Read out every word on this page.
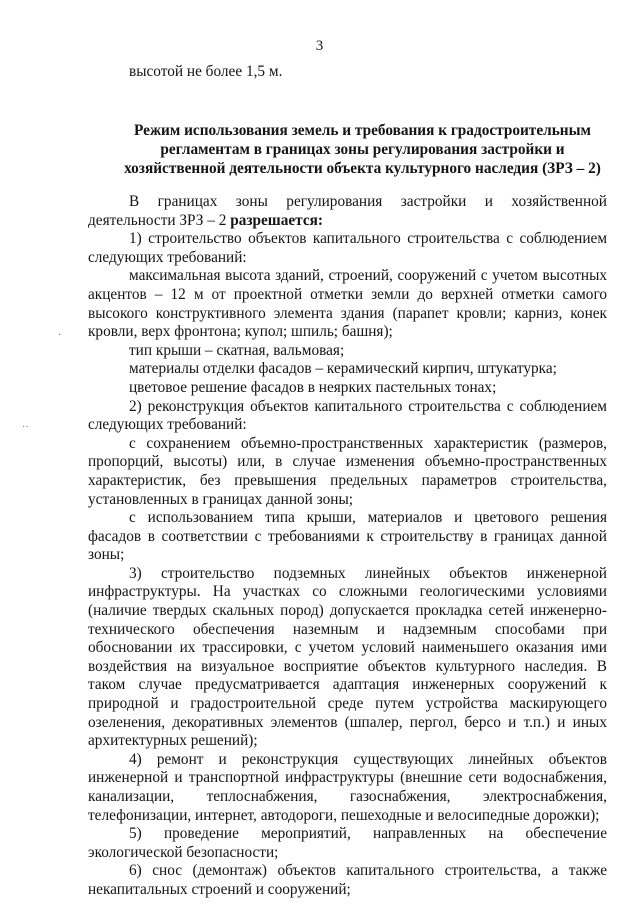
3

высотой не более 1,5 м.

Режим использования земель и требования к градостроительным регламентам в границах зоны регулирования застройки и хозяйственной деятельности объекта культурного наследия (ЗРЗ – 2)

В границах зоны регулирования застройки и хозяйственной деятельности ЗРЗ – 2 разрешается:

1) строительство объектов капитального строительства с соблюдением следующих требований:

максимальная высота зданий, строений, сооружений с учетом высотных акцентов – 12 м от проектной отметки земли до верхней отметки самого высокого конструктивного элемента здания (парапет кровли; карниз, конек кровли, верх фронтона; купол; шпиль; башня);

тип крыши – скатная, вальмовая;

материалы отделки фасадов – керамический кирпич, штукатурка;

цветовое решение фасадов в неярких пастельных тонах;

2) реконструкция объектов капитального строительства с соблюдением следующих требований:

с сохранением объемно-пространственных характеристик (размеров, пропорций, высоты) или, в случае изменения объемно-пространственных характеристик, без превышения предельных параметров строительства, установленных в границах данной зоны;

с использованием типа крыши, материалов и цветового решения фасадов в соответствии с требованиями к строительству в границах данной зоны;

3) строительство подземных линейных объектов инженерной инфраструктуры. На участках со сложными геологическими условиями (наличие твердых скальных пород) допускается прокладка сетей инженерно-технического обеспечения наземным и надземным способами при обосновании их трассировки, с учетом условий наименьшего оказания ими воздействия на визуальное восприятие объектов культурного наследия. В таком случае предусматривается адаптация инженерных сооружений к природной и градостроительной среде путем устройства маскирующего озеленения, декоративных элементов (шпалер, пергол, берсо и т.п.) и иных архитектурных решений);

4) ремонт и реконструкция существующих линейных объектов инженерной и транспортной инфраструктуры (внешние сети водоснабжения, канализации, теплоснабжения, газоснабжения, электроснабжения, телефонизации, интернет, автодороги, пешеходные и велосипедные дорожки);

5) проведение мероприятий, направленных на обеспечение экологической безопасности;

6) снос (демонтаж) объектов капитального строительства, а также некапитальных строений и сооружений;

˙˙
·
